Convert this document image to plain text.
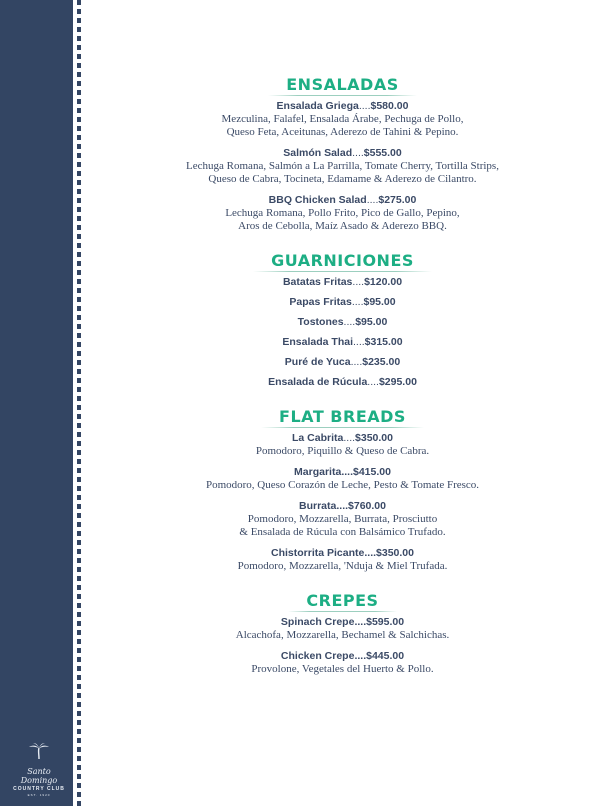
Santo Domingo
COUNTRY CLUB
EST. 1920
ENSALADAS
Ensalada Griega....$580.00
Mezculina, Falafel, Ensalada Árabe, Pechuga de Pollo,
Queso Feta, Aceitunas, Aderezo de Tahini & Pepino.
Salmón Salad....$555.00
Lechuga Romana, Salmón a La Parrilla, Tomate Cherry, Tortilla Strips,
Queso de Cabra, Tocineta, Edamame & Aderezo de Cilantro.
BBQ Chicken Salad....$275.00
Lechuga Romana, Pollo Frito, Pico de Gallo, Pepino,
Aros de Cebolla, Maíz Asado & Aderezo BBQ.
GUARNICIONES
Batatas Fritas....$120.00
Papas Fritas....$95.00
Tostones....$95.00
Ensalada Thai....$315.00
Puré de Yuca....$235.00
Ensalada de Rúcula....$295.00
FLAT BREADS
La Cabrita....$350.00
Pomodoro, Piquillo & Queso de Cabra.
Margarita....$415.00
Pomodoro, Queso Corazón de Leche, Pesto & Tomate Fresco.
Burrata....$760.00
Pomodoro, Mozzarella, Burrata, Prosciutto
& Ensalada de Rúcula con Balsámico Trufado.
Chistorrita Picante....$350.00
Pomodoro, Mozzarella, 'Nduja & Miel Trufada.
CREPES
Spinach Crepe....$595.00
Alcachofa, Mozzarella, Bechamel & Salchichas.
Chicken Crepe....$445.00
Provolone, Vegetales del Huerto & Pollo.
